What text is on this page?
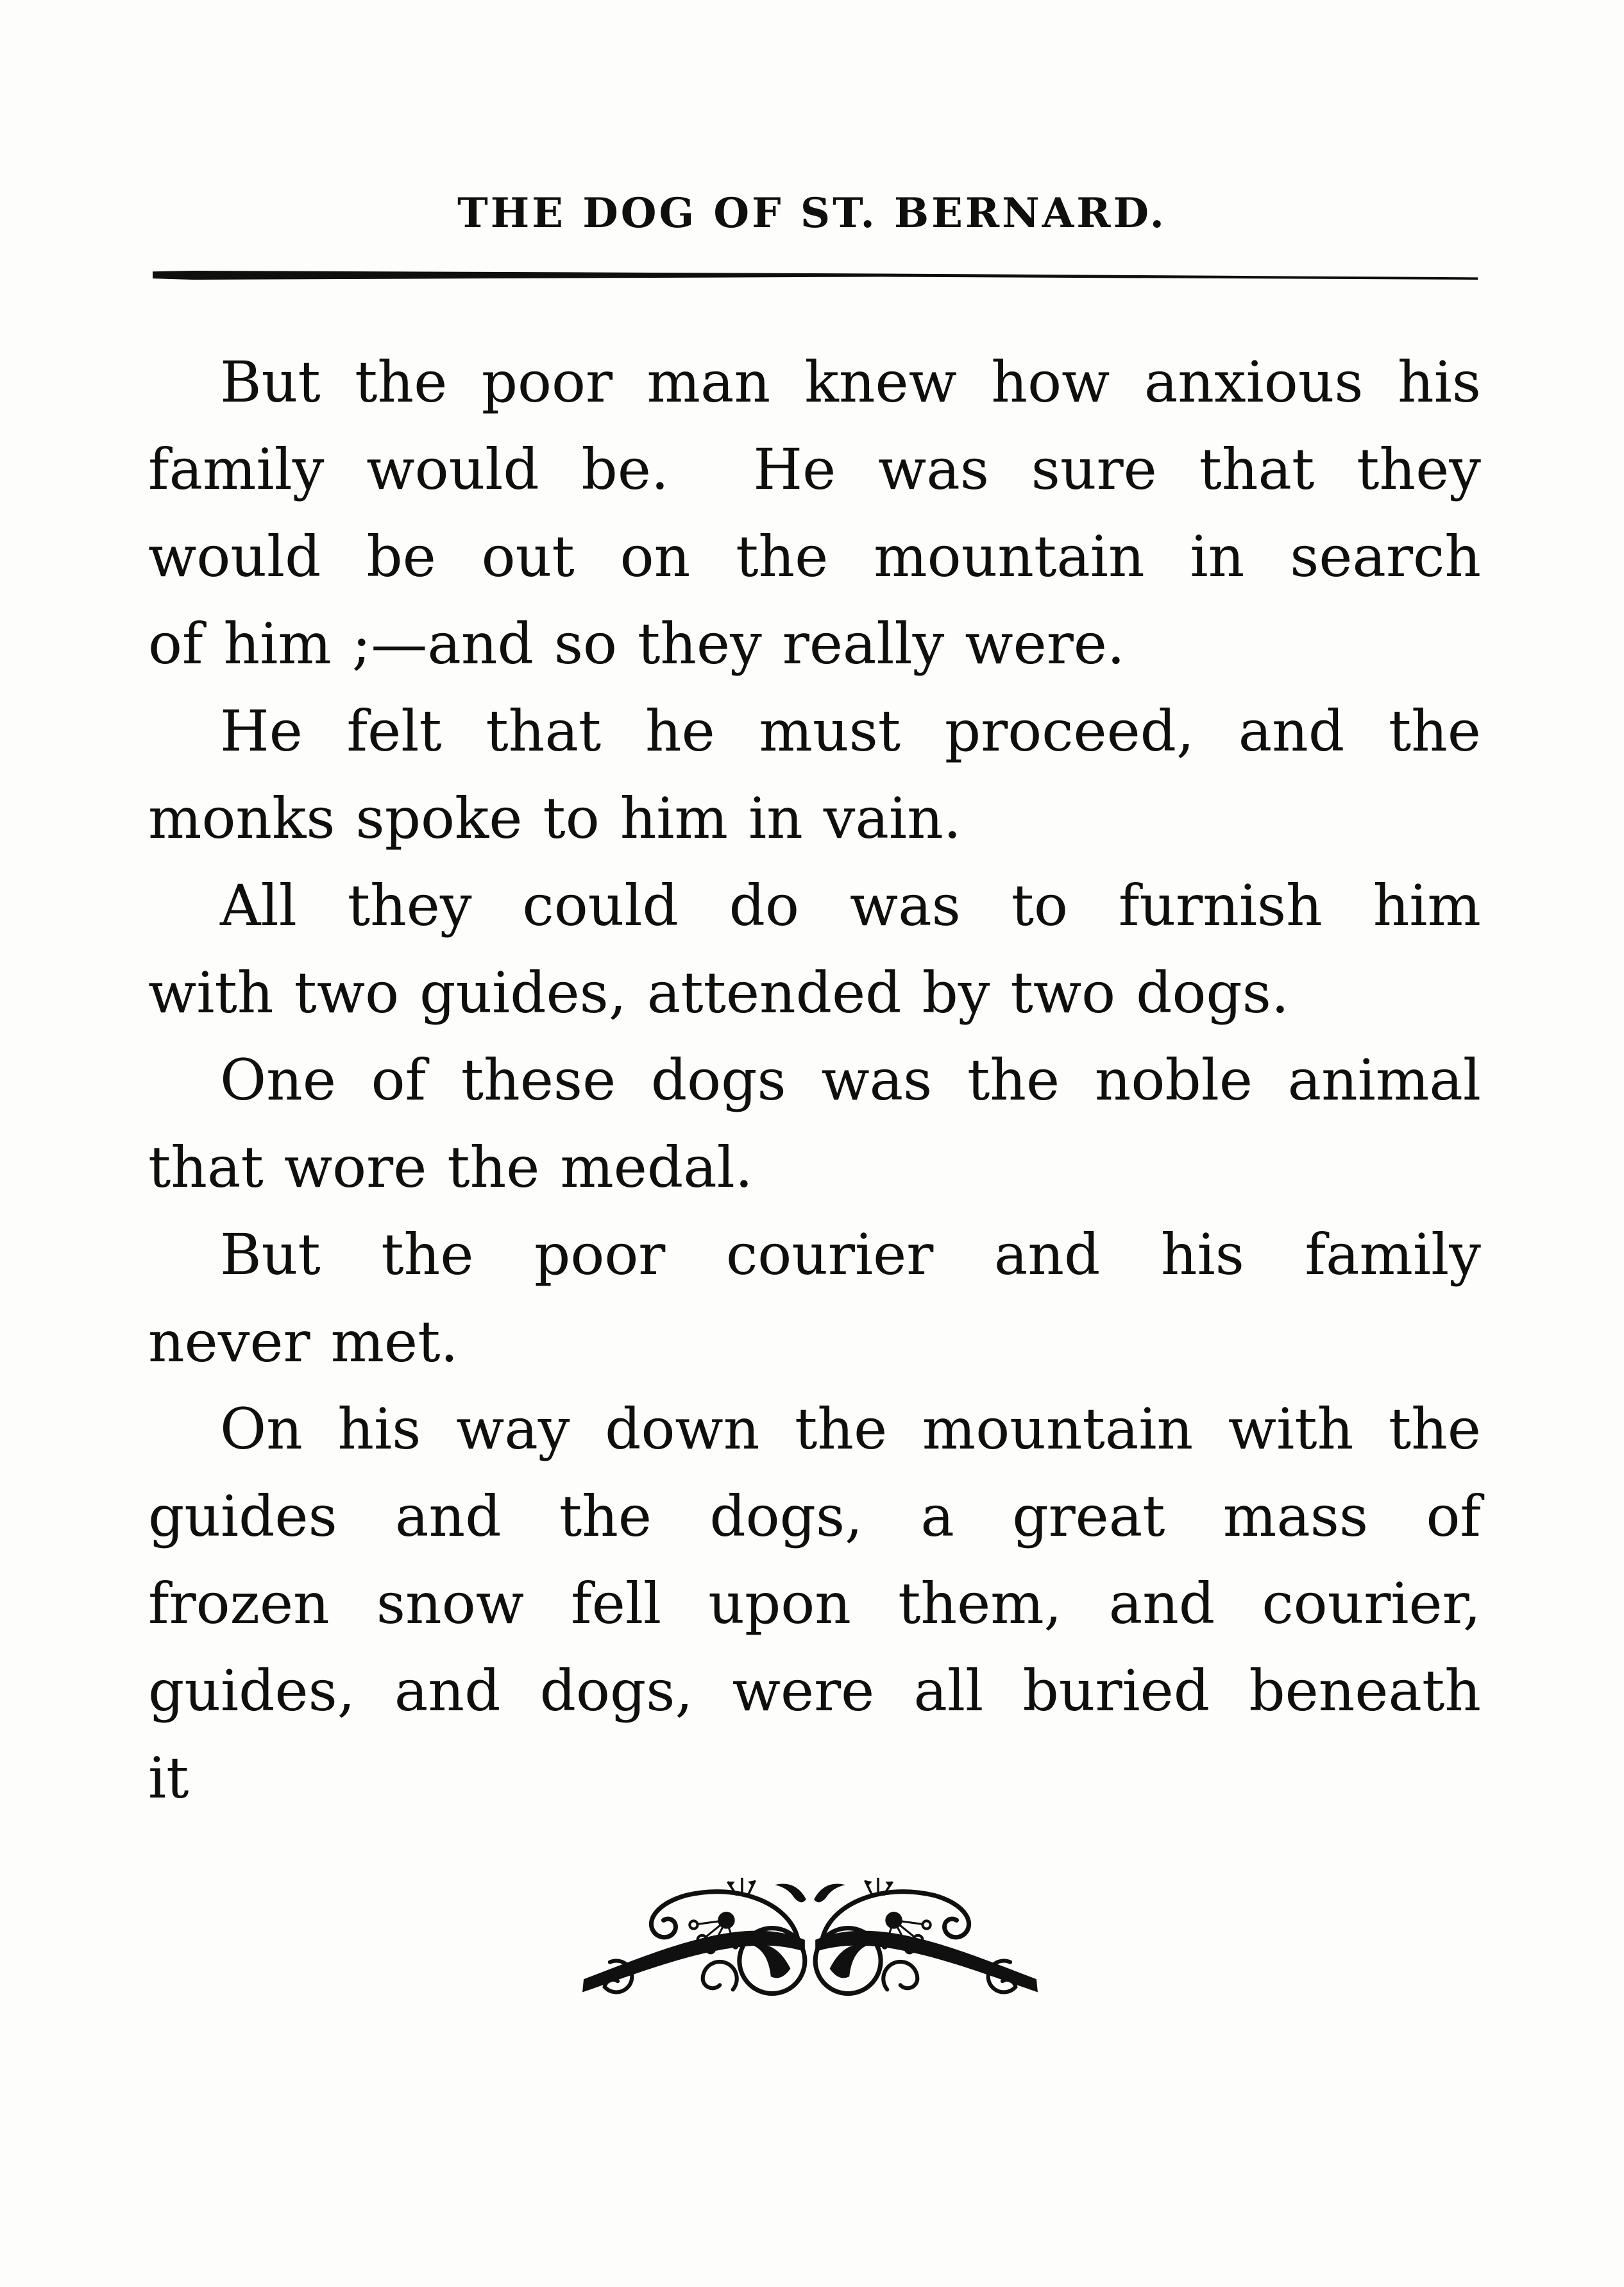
THE DOG OF ST. BERNARD.
But the poor man knew how anxious his
family would be.  He was sure that they
would be out on the mountain in search
of him ;—and so they really were.
He felt that he must proceed, and the
monks spoke to him in vain.
All they could do was to furnish him
with two guides, attended by two dogs.
One of these dogs was the noble animal
that wore the medal.
But the poor courier and his family
never met.
On his way down the mountain with the
guides and the dogs, a great mass of
frozen snow fell upon them, and courier,
guides, and dogs, were all buried beneath
it
